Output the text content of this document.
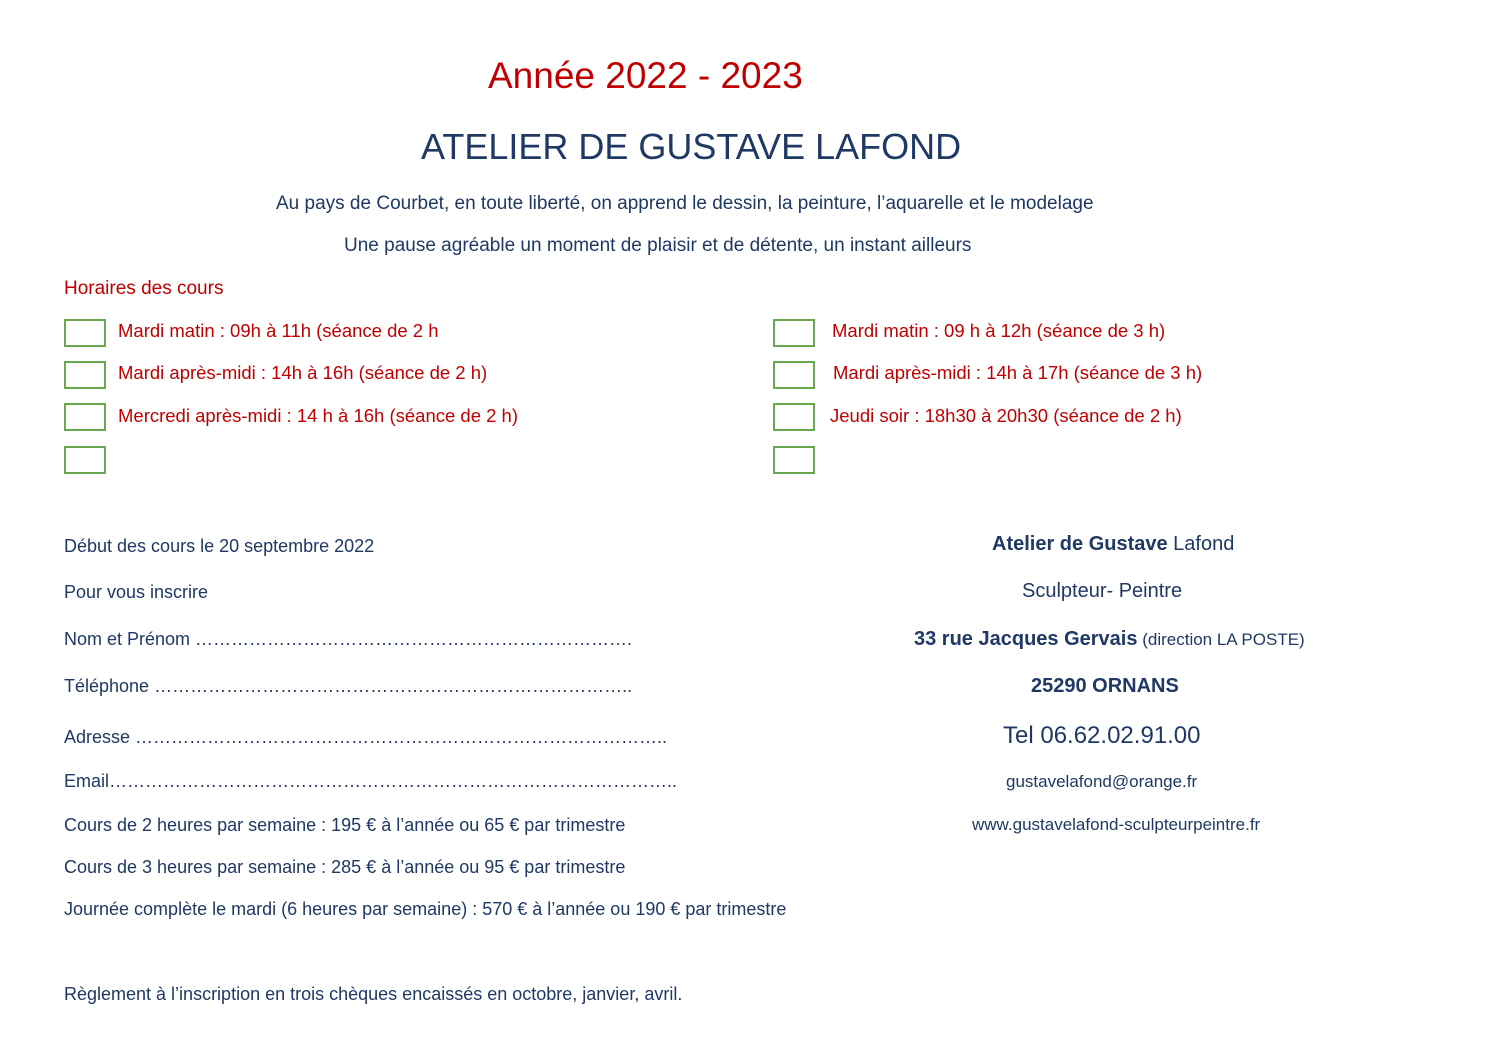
Année 2022 - 2023
ATELIER DE GUSTAVE LAFOND
Au pays de Courbet, en toute liberté, on apprend le dessin, la peinture, l’aquarelle et le modelage
Une pause agréable un moment de plaisir et de détente, un instant ailleurs
Horaires des cours
Mardi matin : 09h à 11h (séance de 2 h
Mardi après-midi : 14h à 16h (séance de 2 h)
Mercredi après-midi : 14 h à 16h (séance de 2 h)
Mardi matin : 09 h à 12h (séance de 3 h)
Mardi après-midi : 14h à 17h (séance de 3 h)
Jeudi soir : 18h30 à 20h30 (séance de 2 h)
Début des cours le 20 septembre 2022
Pour vous inscrire
Nom et Prénom ……………………………………………………………….
Téléphone ……………………………………………………………………..
Adresse ……………………………………………………………………………..
Email…………………………………………………………………………………..
Cours de 2 heures par semaine : 195 € à l’année ou 65 € par trimestre
Cours de 3 heures par semaine : 285 € à l’année ou 95 € par trimestre
Journée complète le mardi (6 heures par semaine) : 570 € à l’année ou 190 € par trimestre
Règlement à l’inscription en trois chèques encaissés en octobre, janvier, avril.
Atelier de Gustave Lafond
Sculpteur- Peintre
33 rue Jacques Gervais (direction LA POSTE)
25290 ORNANS
Tel 06.62.02.91.00
gustavelafond@orange.fr
www.gustavelafond-sculpteurpeintre.fr
